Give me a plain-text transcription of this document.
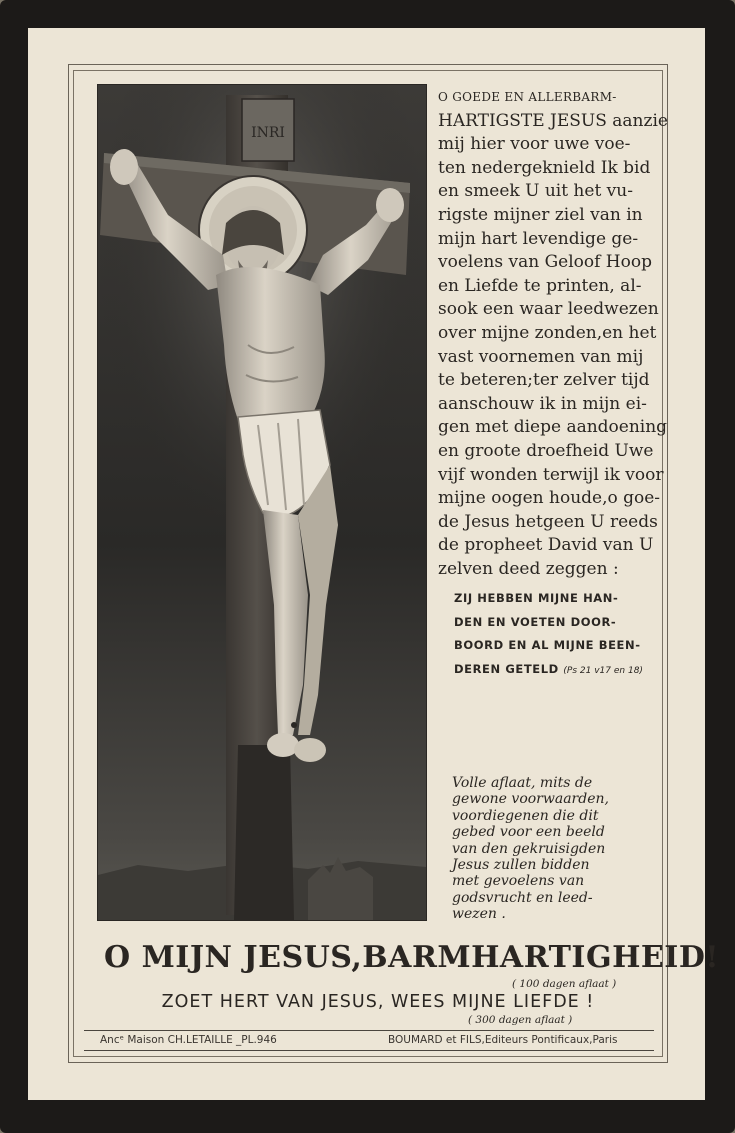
INRI
O GOEDE EN ALLERBARM-
HARTIGSTE JESUS aanzie
mij hier voor uwe voe-
ten nedergeknield Ik bid
en smeek U uit het vu-
rigste mijner ziel van in
mijn hart levendige ge-
voelens van Geloof Hoop
en Liefde te printen, al-
sook een waar leedwezen
over mijne zonden,en het
vast voornemen van mij
te beteren;ter zelver tijd
aanschouw ik in mijn ei-
gen met diepe aandoening
en groote droefheid Uwe
vijf wonden terwijl ik voor
mijne oogen houde,o goe-
de Jesus hetgeen U reeds
de propheet David van U
zelven deed zeggen :
ZIJ HEBBEN MIJNE HAN-
DEN EN VOETEN DOOR-
BOORD EN AL MIJNE BEEN-
DEREN GETELD (Ps 21 v17 en 18)
Volle aflaat, mits de
gewone voorwaarden,
voordiegenen die dit
gebed voor een beeld
van den gekruisigden
Jesus zullen bidden
met gevoelens van
godsvrucht en leed-
wezen .
O MIJN JESUS,BARMHARTIGHEID!
( 100 dagen aflaat )
ZOET HERT VAN JESUS, WEES MIJNE LIEFDE !
( 300 dagen aflaat )
Ancᵉ Maison CH.LETAILLE _PL.946	BOUMARD et FILS,Editeurs Pontificaux,Paris
